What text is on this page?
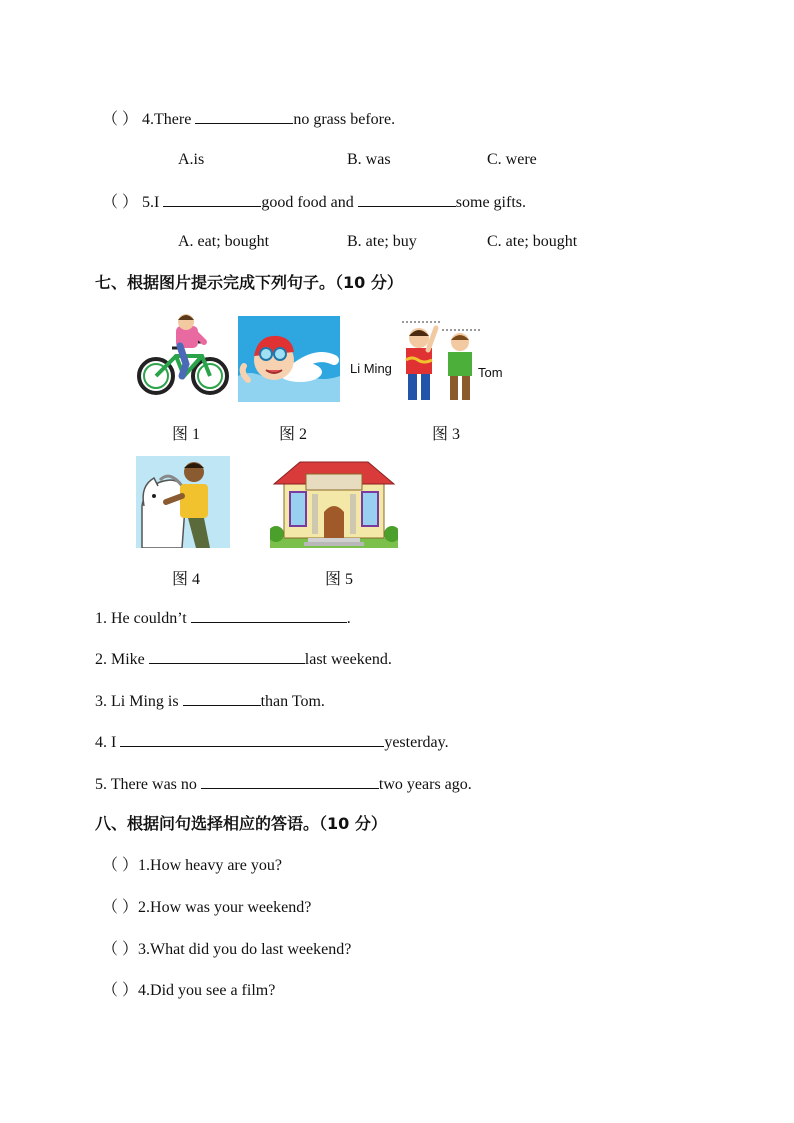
（ ） 4.There	no grass before.
A.is	B. was	C. were
（ ） 5.I	good food and	some gifts.
A. eat; bought	B. ate; buy	C. ate; bought
七、根据图片提示完成下列句子。（10 分）
Li Ming	Tom
图 1	图 2	图 3
图 4	图 5
1. He couldn’t	.
2. Mike	last weekend.
3. Li Ming is	than Tom.
4. I	yesterday.
5. There was no	two years ago.
八、根据问句选择相应的答语。（10 分）
（ ）1.How heavy are you?
（ ）2.How was your weekend?
（ ）3.What did you do last weekend?
（ ）4.Did you see a film?
